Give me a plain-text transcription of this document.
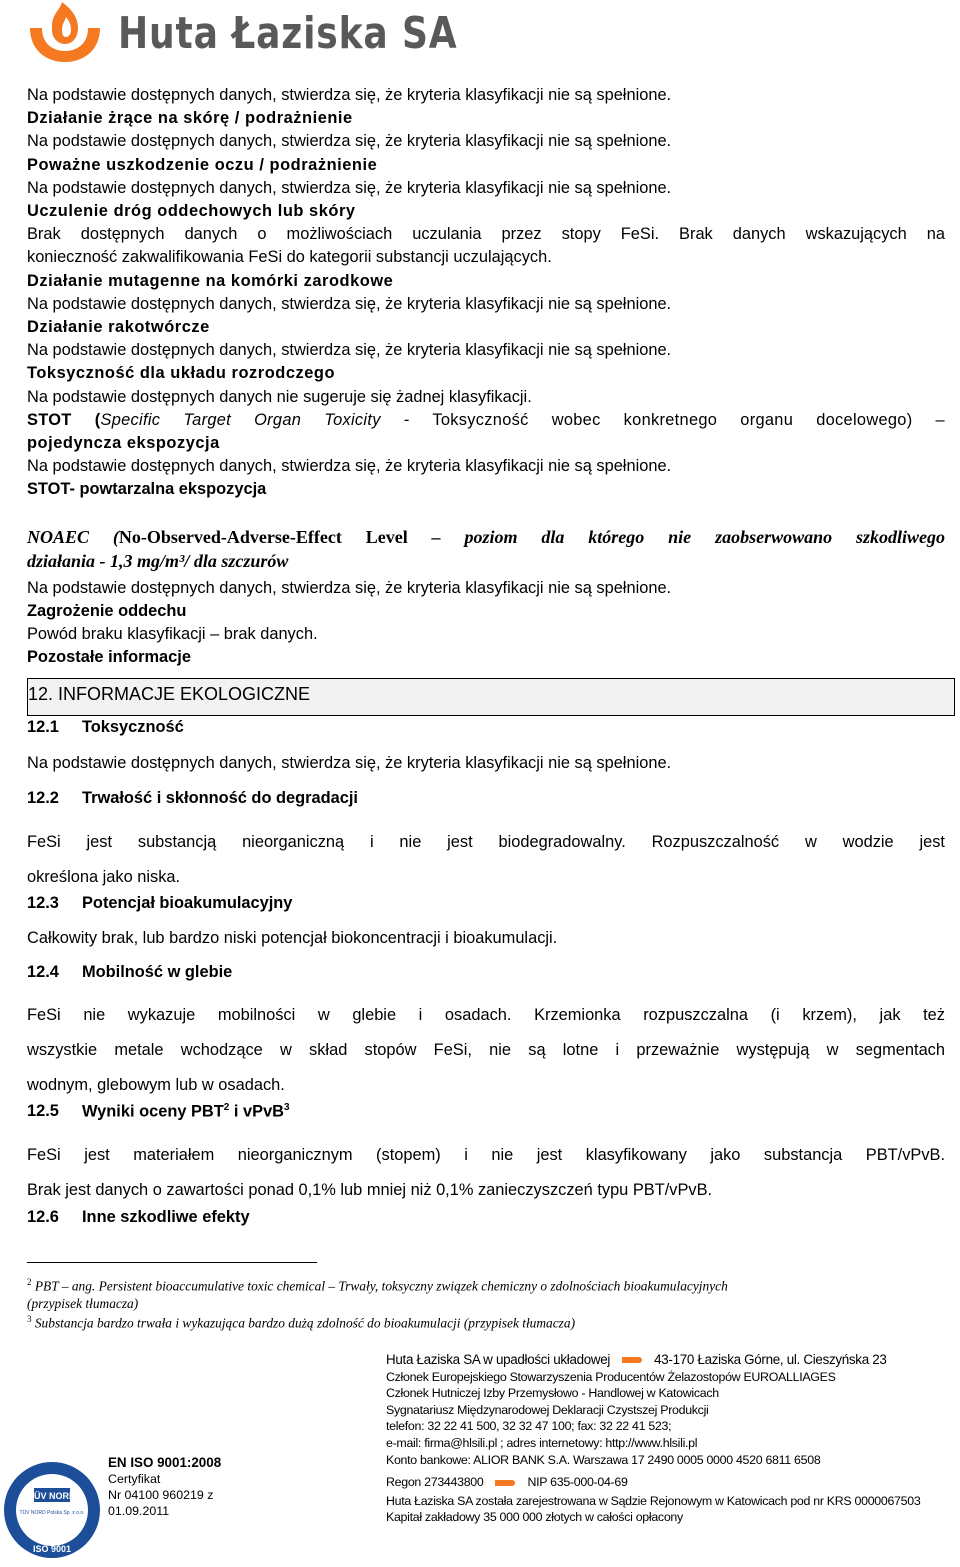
Huta Łaziska SA
Na podstawie dostępnych danych, stwierdza się, że kryteria klasyfikacji nie są spełnione.
Działanie żrące na skórę / podrażnienie
Na podstawie dostępnych danych, stwierdza się, że kryteria klasyfikacji nie są spełnione.
Poważne uszkodzenie oczu / podrażnienie
Na podstawie dostępnych danych, stwierdza się, że kryteria klasyfikacji nie są spełnione.
Uczulenie dróg oddechowych lub skóry
Brak dostępnych danych o możliwościach uczulania przez stopy FeSi. Brak danych wskazujących na
konieczność zakwalifikowania FeSi do kategorii substancji uczulających.
Działanie mutagenne na komórki zarodkowe
Na podstawie dostępnych danych, stwierdza się, że kryteria klasyfikacji nie są spełnione.
Działanie rakotwórcze
Na podstawie dostępnych danych, stwierdza się, że kryteria klasyfikacji nie są spełnione.
Toksyczność dla układu rozrodczego
Na podstawie dostępnych danych nie sugeruje się żadnej klasyfikacji.
STOT (Specific Target Organ Toxicity - Toksyczność wobec konkretnego organu docelowego) –
pojedyncza ekspozycja
Na podstawie dostępnych danych, stwierdza się, że kryteria klasyfikacji nie są spełnione.
STOT- powtarzalna ekspozycja
NOAEC (No-Observed-Adverse-Effect Level – poziom dla którego nie zaobserwowano szkodliwego
działania - 1,3 mg/m³/ dla szczurów
Na podstawie dostępnych danych, stwierdza się, że kryteria klasyfikacji nie są spełnione.
Zagrożenie oddechu
Powód braku klasyfikacji – brak danych.
Pozostałe informacje
12. INFORMACJE EKOLOGICZNE
12.1 Toksyczność
Na podstawie dostępnych danych, stwierdza się, że kryteria klasyfikacji nie są spełnione.
12.2 Trwałość i skłonność do degradacji
FeSi jest substancją nieorganiczną i nie jest biodegradowalny. Rozpuszczalność w wodzie jest
określona jako niska.
12.3 Potencjał bioakumulacyjny
Całkowity brak, lub bardzo niski potencjał biokoncentracji i bioakumulacji.
12.4 Mobilność w glebie
FeSi nie wykazuje mobilności w glebie i osadach. Krzemionka rozpuszczalna (i krzem), jak też
wszystkie metale wchodzące w skład stopów FeSi, nie są lotne i przeważnie występują w segmentach
wodnym, glebowym lub w osadach.
12.5 Wyniki oceny PBT$^2$ i vPvB$^3$
FeSi jest materiałem nieorganicznym (stopem) i nie jest klasyfikowany jako substancja PBT/vPvB.
Brak jest danych o zawartości ponad 0,1% lub mniej niż 0,1% zanieczyszczeń typu PBT/vPvB.
12.6 Inne szkodliwe efekty
$^2$ PBT – ang. Persistent bioaccumulative toxic chemical – Trwały, toksyczny związek chemiczny o zdolnościach bioakumulacyjnych
(przypisek tłumacza)
$^3$ Substancja bardzo trwała i wykazująca bardzo dużą zdolność do bioakumulacji (przypisek tłumacza)
Huta Łaziska SA w upadłości układowej	43-170 Łaziska Górne, ul. Cieszyńska 23
Członek Europejskiego Stowarzyszenia Producentów Żelazostopów EUROALLIAGES
Członek Hutniczej Izby Przemysłowo - Handlowej w Katowicach
Sygnatariusz Międzynarodowej Deklaracji Czystszej Produkcji
telefon: 32 22 41 500, 32 32 47 100; fax: 32 22 41 523;
e-mail: firma@hlsili.pl ; adres internetowy: http://www.hlsili.pl
Konto bankowe: ALIOR BANK S.A. Warszawa 17 2490 0005 0000 4520 6811 6508
Regon 273443800	NIP 635-000-04-69
Huta Łaziska SA została zarejestrowana w Sądzie Rejonowym w Katowicach pod nr KRS 0000067503
Kapitał zakładowy 35 000 000 złotych w całości opłacony
TÜV NORD
TÜV NORD Polska Sp. z o.o.
ISO 9001
EN ISO 9001:2008
Certyfikat
Nr 04100 960219 z
01.09.2011
